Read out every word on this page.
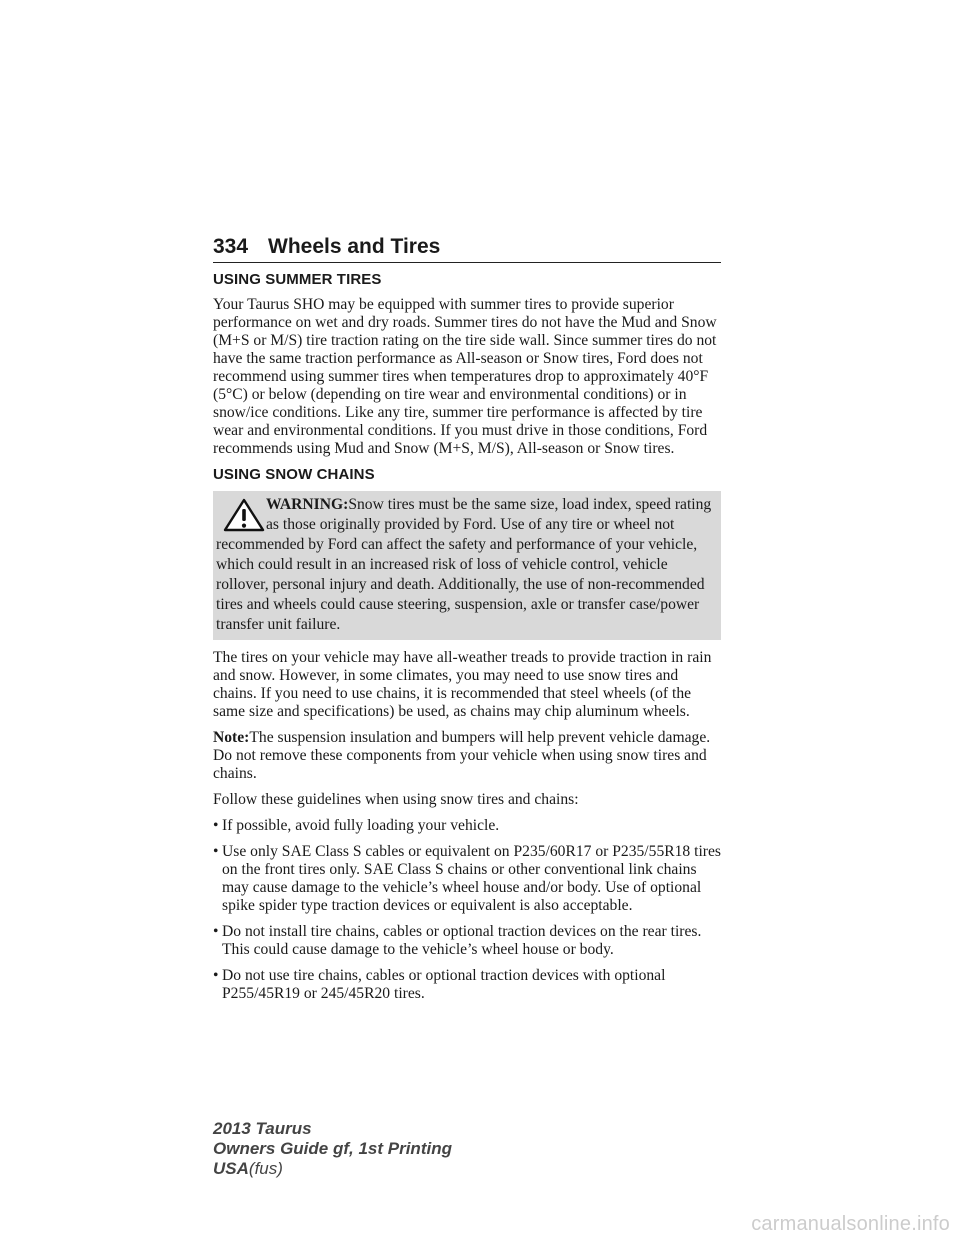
334 Wheels and Tires
USING SUMMER TIRES

Your Taurus SHO may be equipped with summer tires to provide superior performance on wet and dry roads. Summer tires do not have the Mud and Snow (M+S or M/S) tire traction rating on the tire side wall. Since summer tires do not have the same traction performance as All-season or Snow tires, Ford does not recommend using summer tires when temperatures drop to approximately 40°F (5°C) or below (depending on tire wear and environmental conditions) or in snow/ice conditions. Like any tire, summer tire performance is affected by tire wear and environmental conditions. If you must drive in those conditions, Ford recommends using Mud and Snow (M+S, M/S), All-season or Snow tires.

USING SNOW CHAINS
WARNING:Snow tires must be the same size, load index, speed rating as those originally provided by Ford. Use of any tire or wheel not recommended by Ford can affect the safety and performance of your vehicle, which could result in an increased risk of loss of vehicle control, vehicle rollover, personal injury and death. Additionally, the use of non-recommended tires and wheels could cause steering, suspension, axle or transfer case/power transfer unit failure.

The tires on your vehicle may have all-weather treads to provide traction in rain and snow. However, in some climates, you may need to use snow tires and chains. If you need to use chains, it is recommended that steel wheels (of the same size and specifications) be used, as chains may chip aluminum wheels.

Note:The suspension insulation and bumpers will help prevent vehicle damage. Do not remove these components from your vehicle when using snow tires and chains.

Follow these guidelines when using snow tires and chains:

• If possible, avoid fully loading your vehicle.
• Use only SAE Class S cables or equivalent on P235/60R17 or P235/55R18 tires on the front tires only. SAE Class S chains or other conventional link chains may cause damage to the vehicle’s wheel house and/or body. Use of optional spike spider type traction devices or equivalent is also acceptable.
• Do not install tire chains, cables or optional traction devices on the rear tires. This could cause damage to the vehicle’s wheel house or body.
• Do not use tire chains, cables or optional traction devices with optional P255/45R19 or 245/45R20 tires.
2013 Taurus
Owners Guide gf, 1st Printing
USA(fus)
carmanualsonline.info
